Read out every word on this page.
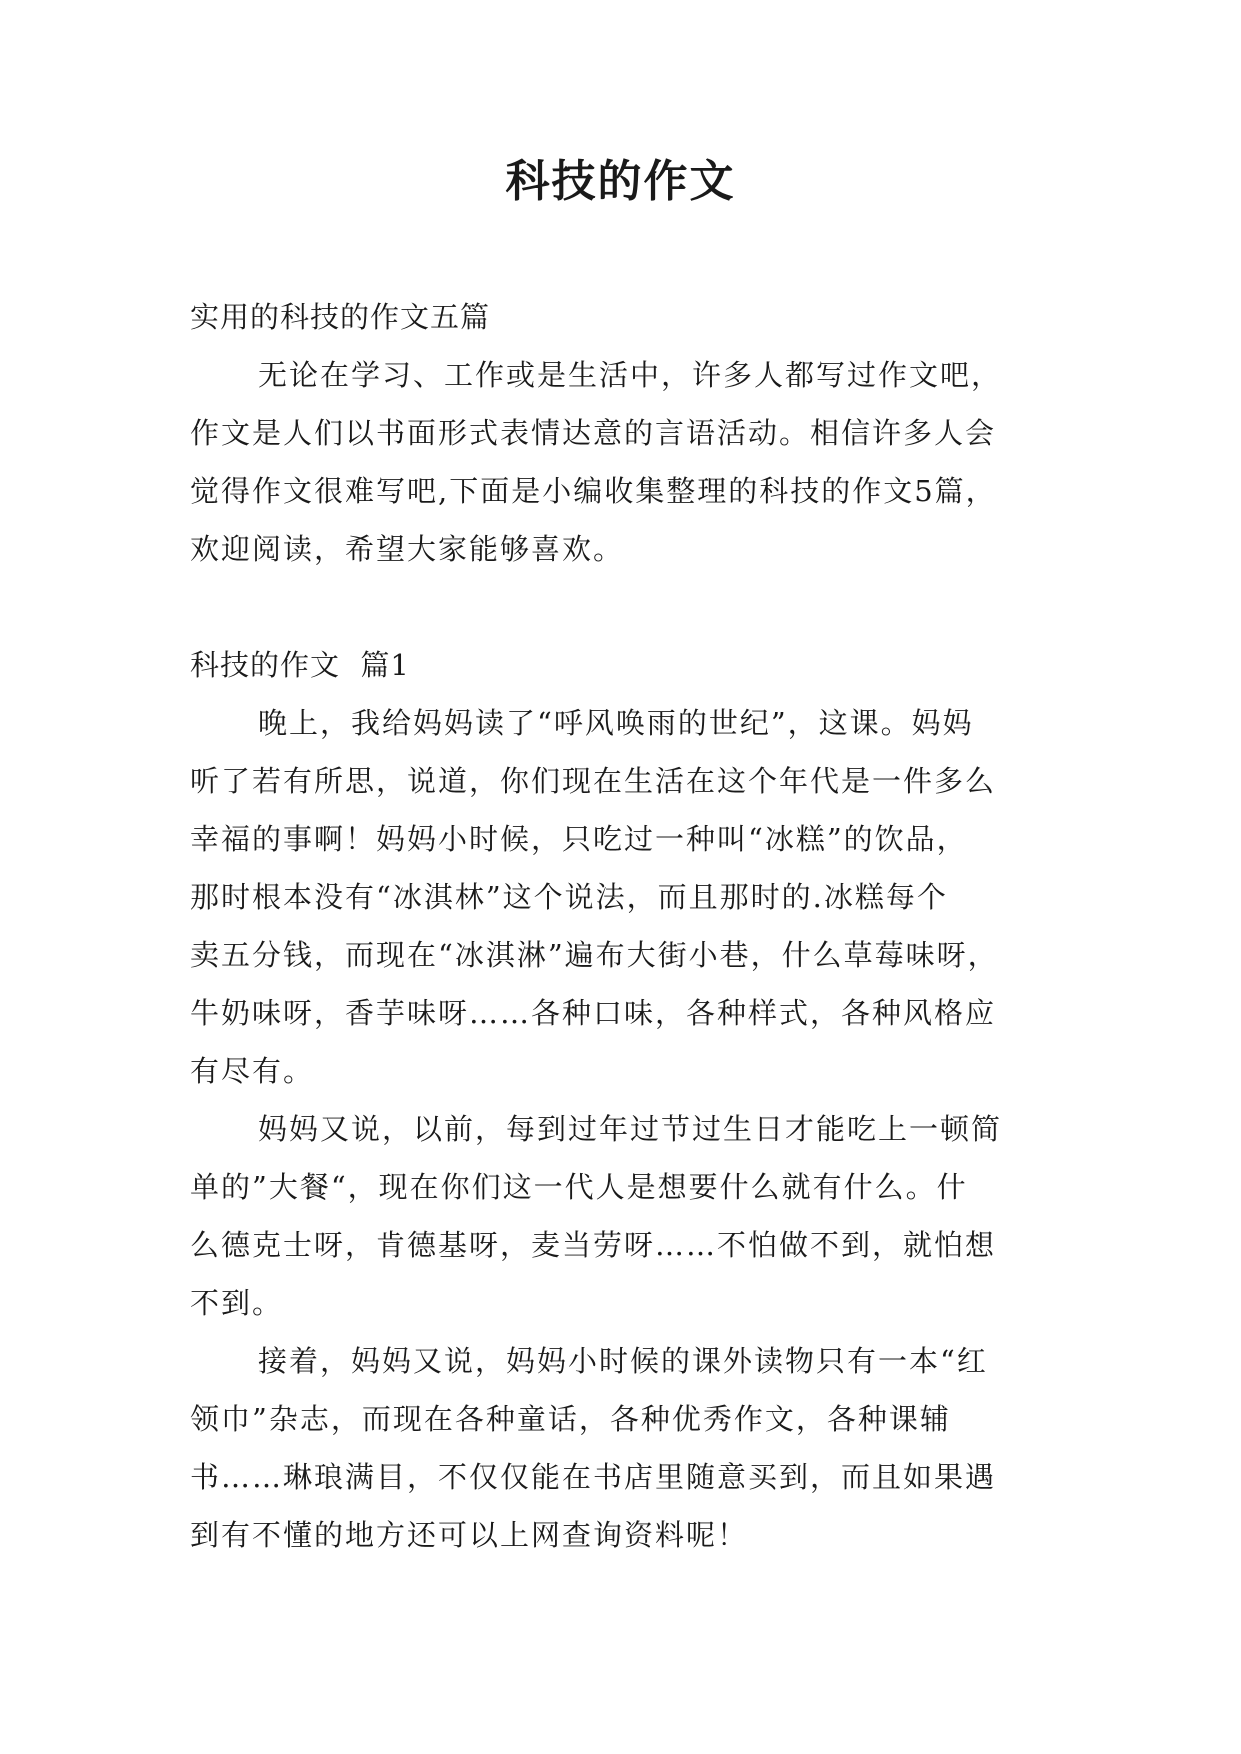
科技的作文

实用的科技的作文五篇

无论在学习、工作或是生活中，许多人都写过作文吧，

作文是人们以书面形式表情达意的言语活动。相信许多人会

觉得作文很难写吧,下面是小编收集整理的科技的作文5篇，

欢迎阅读，希望大家能够喜欢。

科技的作文  篇1

晚上，我给妈妈读了“呼风唤雨的世纪”，这课。妈妈

听了若有所思，说道，你们现在生活在这个年代是一件多么

幸福的事啊！妈妈小时候，只吃过一种叫“冰糕”的饮品，

那时根本没有“冰淇林”这个说法，而且那时的.冰糕每个

卖五分钱，而现在“冰淇淋”遍布大街小巷，什么草莓味呀，

牛奶味呀，香芋味呀……各种口味，各种样式，各种风格应

有尽有。

妈妈又说，以前，每到过年过节过生日才能吃上一顿简

单的”大餐“，现在你们这一代人是想要什么就有什么。什

么德克士呀，肯德基呀，麦当劳呀……不怕做不到，就怕想

不到。

接着，妈妈又说，妈妈小时候的课外读物只有一本“红

领巾”杂志，而现在各种童话，各种优秀作文，各种课辅

书……琳琅满目，不仅仅能在书店里随意买到，而且如果遇

到有不懂的地方还可以上网查询资料呢！
